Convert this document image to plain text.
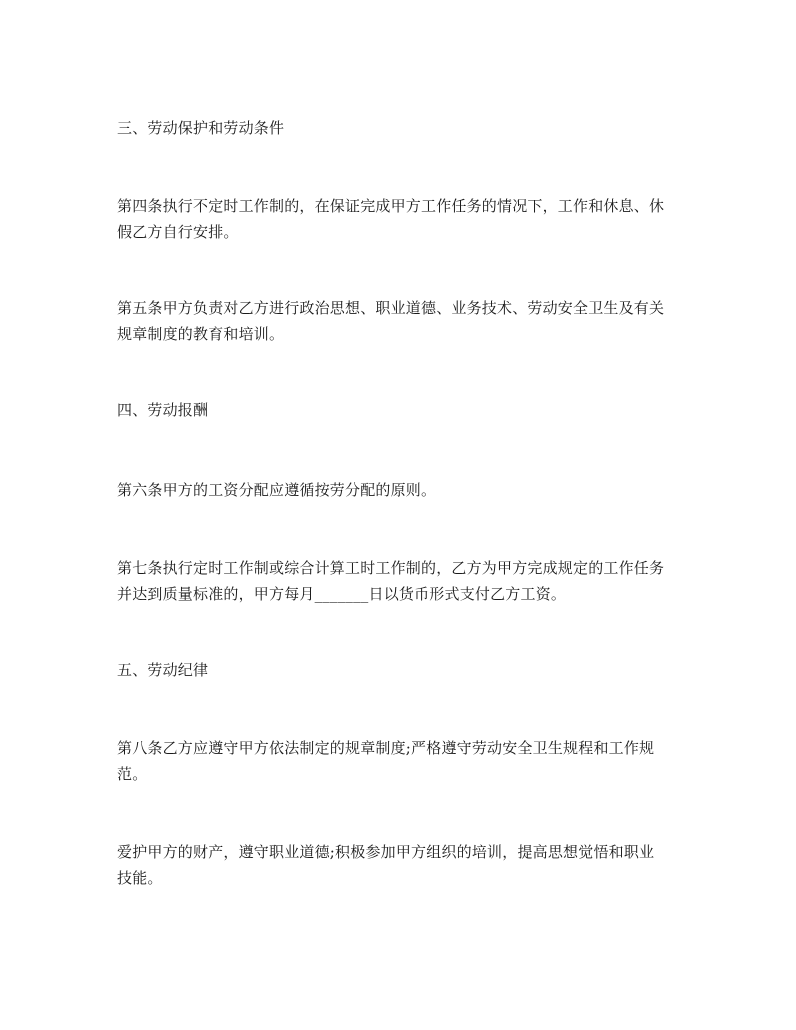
三、劳动保护和劳动条件
第四条执行不定时工作制的，在保证完成甲方工作任务的情况下，工作和休息、休
假乙方自行安排。
第五条甲方负责对乙方进行政治思想、职业道德、业务技术、劳动安全卫生及有关
规章制度的教育和培训。
四、劳动报酬
第六条甲方的工资分配应遵循按劳分配的原则。
第七条执行定时工作制或综合计算工时工作制的，乙方为甲方完成规定的工作任务
并达到质量标准的，甲方每月_______日以货币形式支付乙方工资。
五、劳动纪律
第八条乙方应遵守甲方依法制定的规章制度;严格遵守劳动安全卫生规程和工作规
范。
爱护甲方的财产，遵守职业道德;积极参加甲方组织的培训，提高思想觉悟和职业
技能。
